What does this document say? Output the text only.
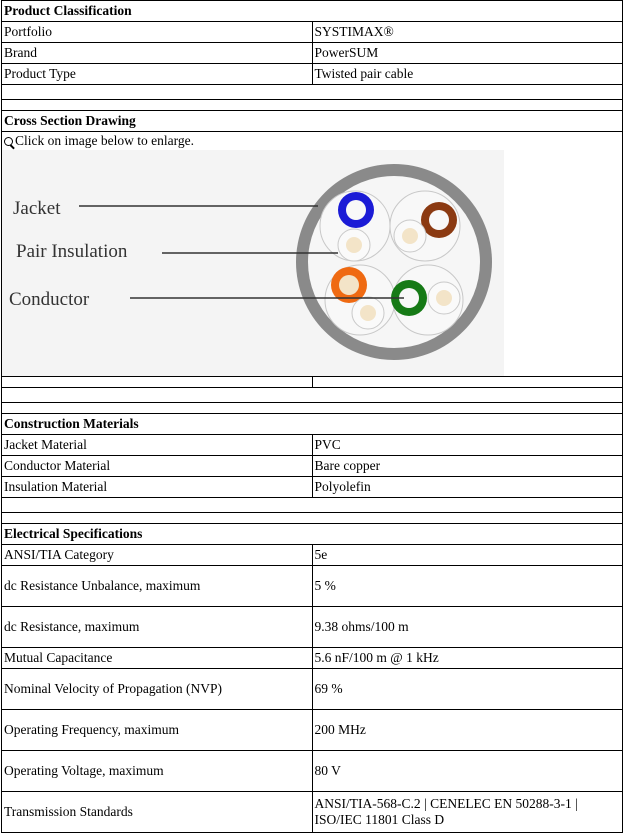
Product Classification	
Portfolio	SYSTIMAX®
Brand	PowerSUM
Product Type	Twisted pair cable

Cross Section Drawing	

Click on image below to enlarge.
Jacket
Pair Insulation
Conductor	

Construction Materials	
Jacket Material	PVC
Conductor Material	Bare copper
Insulation Material	Polyolefin

Electrical Specifications	
ANSI/TIA Category	5e
dc Resistance Unbalance, maximum	5 %
dc Resistance, maximum	9.38 ohms/100 m
Mutual Capacitance	5.6 nF/100 m @ 1 kHz
Nominal Velocity of Propagation (NVP)	69 %
Operating Frequency, maximum	200 MHz
Operating Voltage, maximum	80 V
Transmission Standards	ANSI/TIA-568-C.2 | CENELEC EN 50288-3-1 | ISO/IEC 11801 Class D
